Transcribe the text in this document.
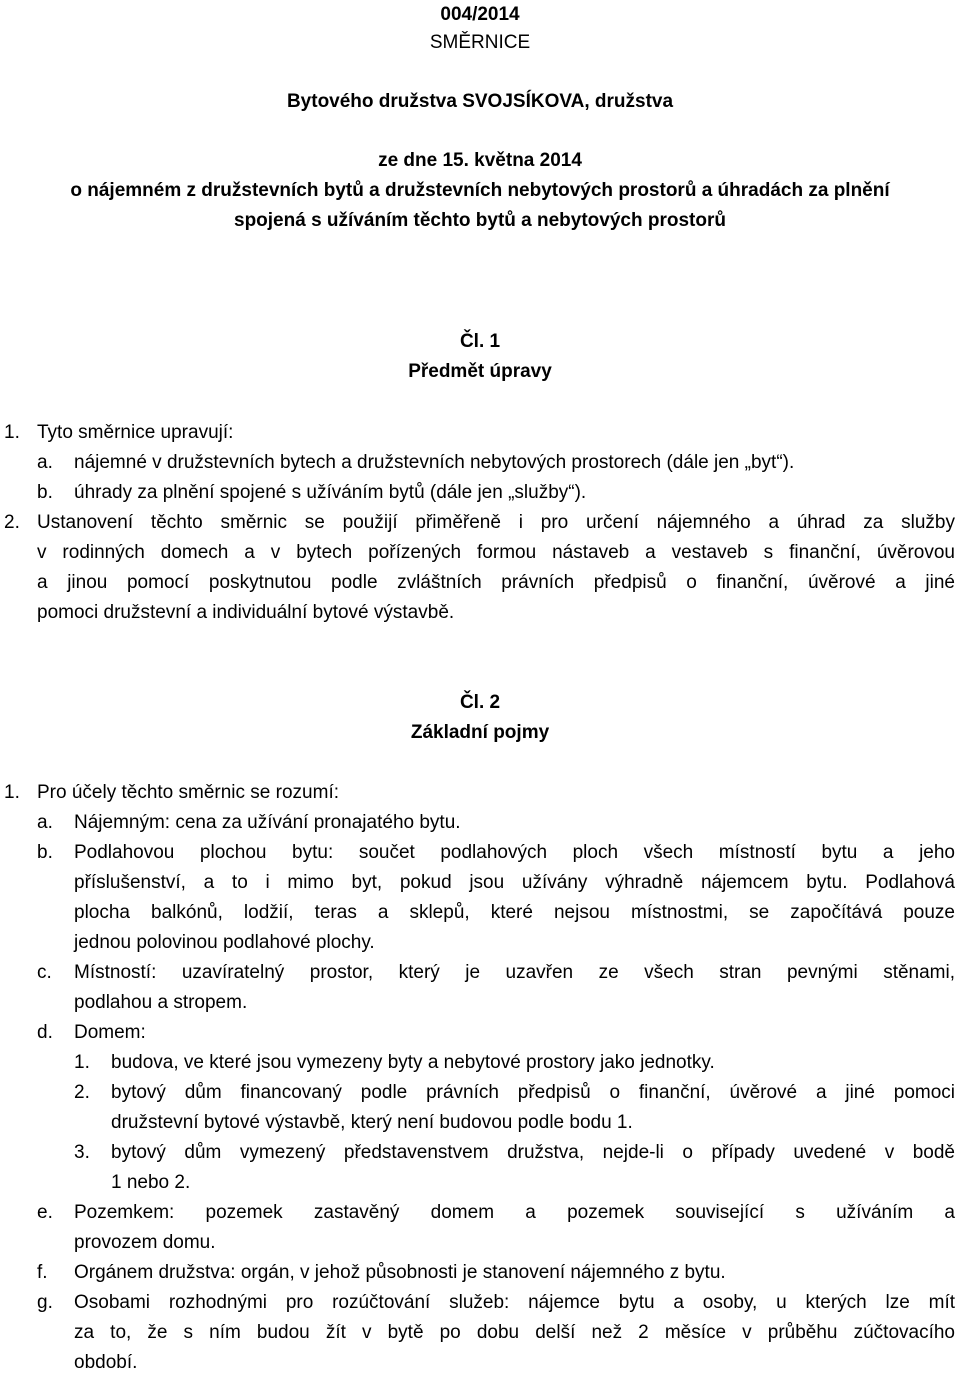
004/2014
SMĚRNICE
Bytového družstva SVOJSÍKOVA, družstva
ze dne 15. května 2014
o nájemném z družstevních bytů a družstevních nebytových prostorů a úhradách za plnění
spojená s užíváním těchto bytů a nebytových prostorů
Čl. 1
Předmět úpravy
1. Tyto směrnice upravují:
a. nájemné v družstevních bytech a družstevních nebytových prostorech (dále jen „byt“).
b. úhrady za plnění spojené s užíváním bytů (dále jen „služby“).
2. Ustanovení těchto směrnic se použijí přiměřeně i pro určení nájemného a úhrad za služby
v rodinných domech a v bytech pořízených formou nástaveb a vestaveb s finanční, úvěrovou
a jinou pomocí poskytnutou podle zvláštních právních předpisů o finanční, úvěrové a jiné
pomoci družstevní a individuální bytové výstavbě.
Čl. 2
Základní pojmy
1. Pro účely těchto směrnic se rozumí:
a. Nájemným: cena za užívání pronajatého bytu.
b. Podlahovou plochou bytu: součet podlahových ploch všech místností bytu a jeho
příslušenství, a to i mimo byt, pokud jsou užívány výhradně nájemcem bytu. Podlahová
plocha balkónů, lodžií, teras a sklepů, které nejsou místnostmi, se započítává pouze
jednou polovinou podlahové plochy.
c. Místností: uzavíratelný prostor, který je uzavřen ze všech stran pevnými stěnami,
podlahou a stropem.
d. Domem:
1. budova, ve které jsou vymezeny byty a nebytové prostory jako jednotky.
2. bytový dům financovaný podle právních předpisů o finanční, úvěrové a jiné pomoci
družstevní bytové výstavbě, který není budovou podle bodu 1.
3. bytový dům vymezený představenstvem družstva, nejde-li o případy uvedené v bodě
1 nebo 2.
e. Pozemkem: pozemek zastavěný domem a pozemek související s užíváním a
provozem domu.
f. Orgánem družstva: orgán, v jehož působnosti je stanovení nájemného z bytu.
g. Osobami rozhodnými pro rozúčtování služeb: nájemce bytu a osoby, u kterých lze mít
za to, že s ním budou žít v bytě po dobu delší než 2 měsíce v průběhu zúčtovacího
období.
